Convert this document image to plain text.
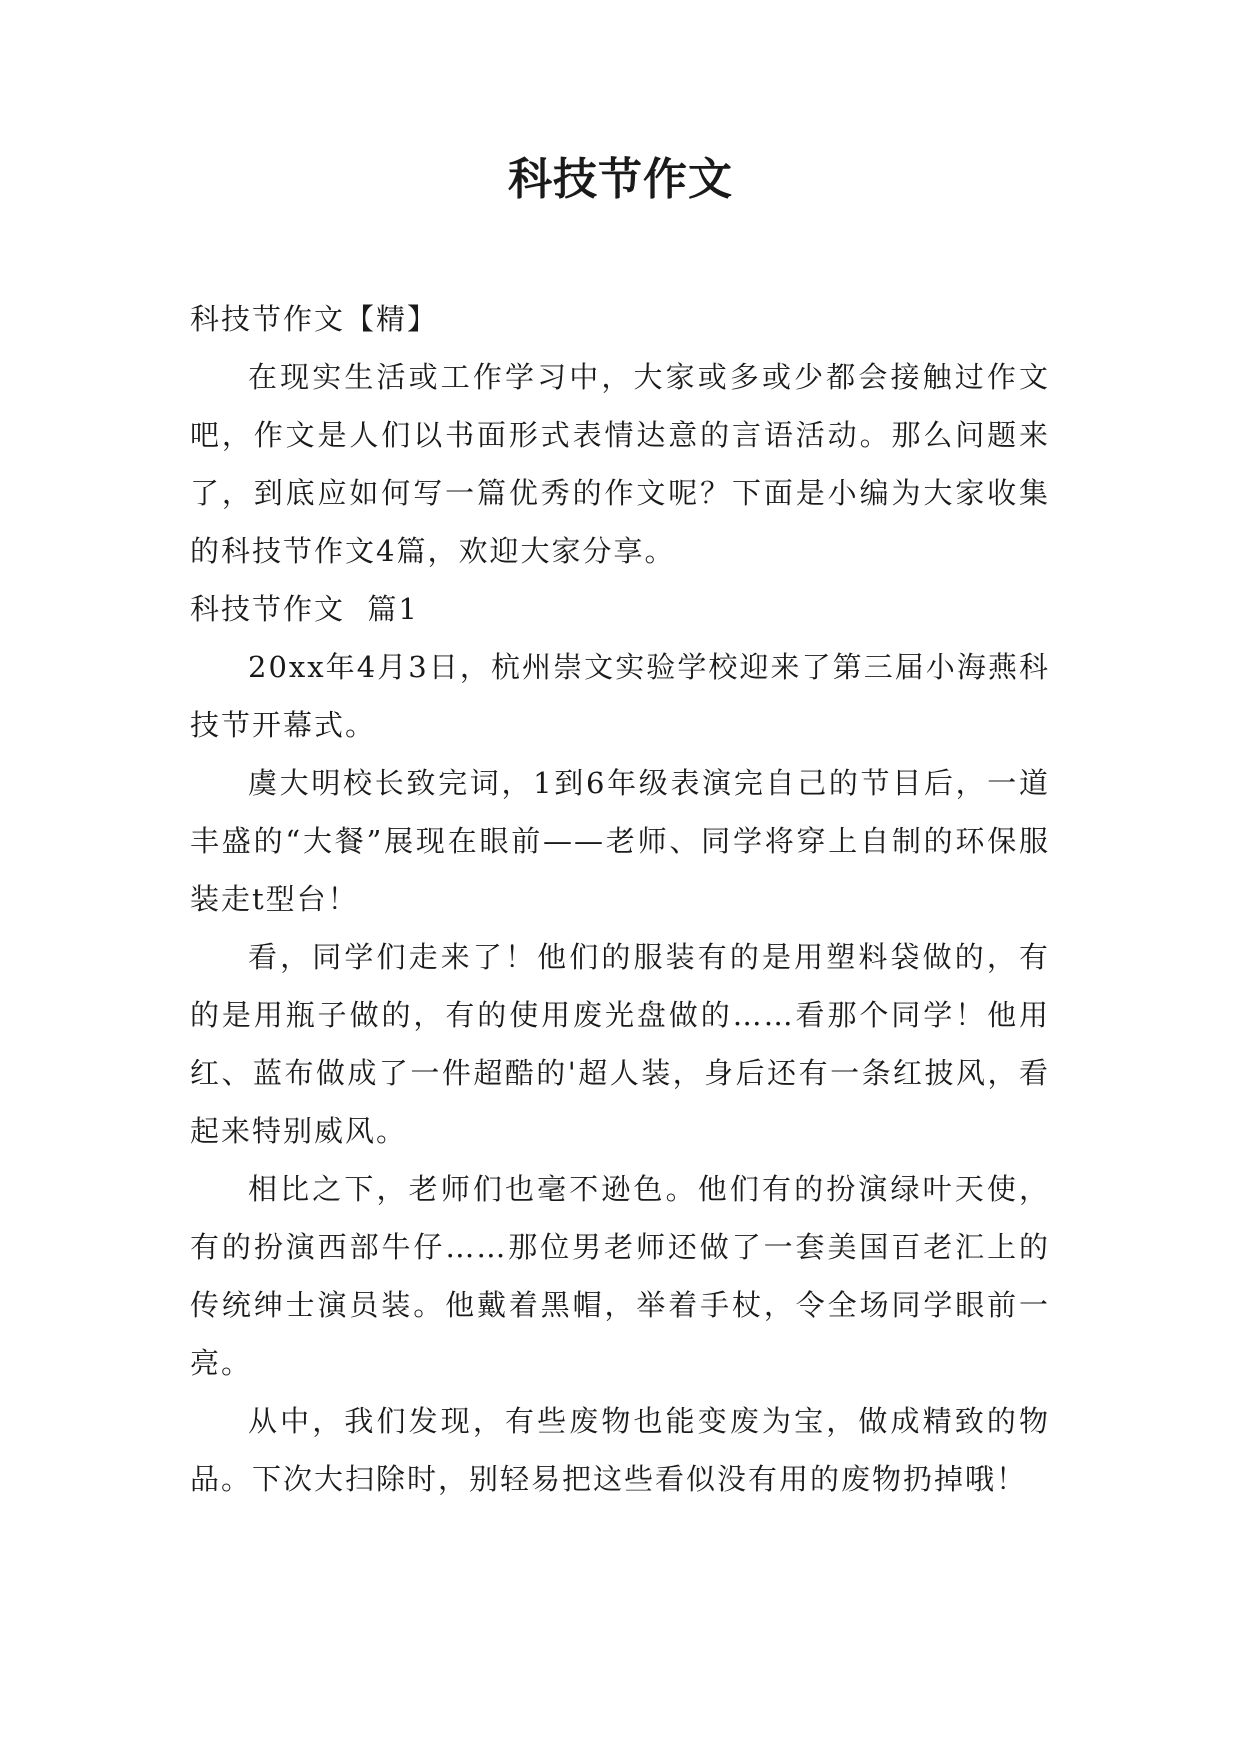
科技节作文

科技节作文【精】

在现实生活或工作学习中，大家或多或少都会接触过作文吧，作文是人们以书面形式表情达意的言语活动。那么问题来了，到底应如何写一篇优秀的作文呢？下面是小编为大家收集的科技节作文4篇，欢迎大家分享。

科技节作文  篇1

20xx年4月3日，杭州崇文实验学校迎来了第三届小海燕科技节开幕式。

虞大明校长致完词，1到6年级表演完自己的节目后，一道丰盛的“大餐”展现在眼前——老师、同学将穿上自制的环保服装走t型台！

看，同学们走来了！他们的服装有的是用塑料袋做的，有的是用瓶子做的，有的使用废光盘做的……看那个同学！他用红、蓝布做成了一件超酷的'超人装，身后还有一条红披风，看起来特别威风。

相比之下，老师们也毫不逊色。他们有的扮演绿叶天使，有的扮演西部牛仔……那位男老师还做了一套美国百老汇上的传统绅士演员装。他戴着黑帽，举着手杖，令全场同学眼前一亮。

从中，我们发现，有些废物也能变废为宝，做成精致的物品。下次大扫除时，别轻易把这些看似没有用的废物扔掉哦！
